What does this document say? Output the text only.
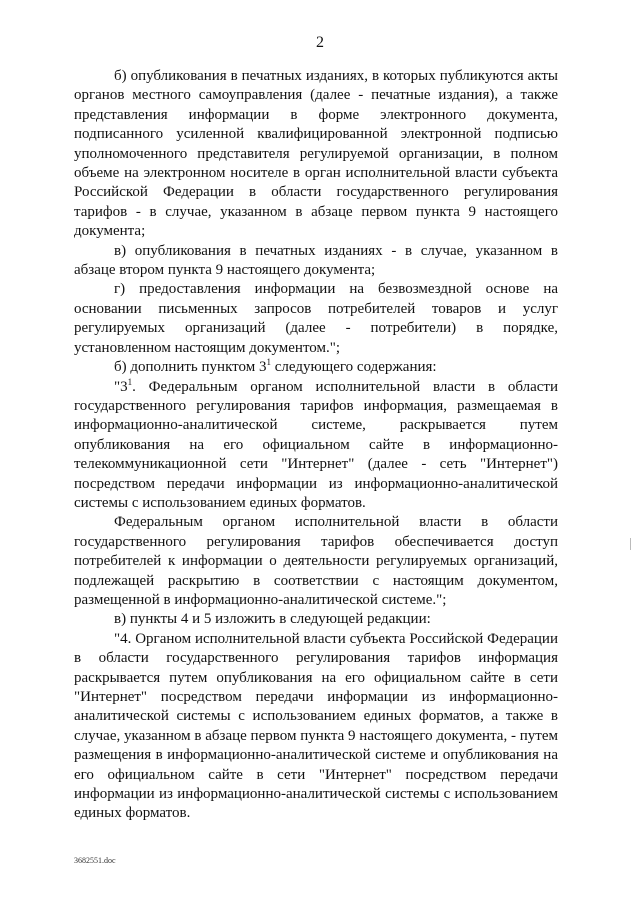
2

б) опубликования в печатных изданиях, в которых публикуются акты органов местного самоуправления (далее - печатные издания), а также представления информации в форме электронного документа, подписанного усиленной квалифицированной электронной подписью уполномоченного представителя регулируемой организации, в полном объеме на электронном носителе в орган исполнительной власти субъекта Российской Федерации в области государственного регулирования тарифов - в случае, указанном в абзаце первом пункта 9 настоящего документа;

в) опубликования в печатных изданиях - в случае, указанном в абзаце втором пункта 9 настоящего документа;

г) предоставления информации на безвозмездной основе на основании письменных запросов потребителей товаров и услуг регулируемых организаций (далее - потребители) в порядке, установленном настоящим документом.";

б) дополнить пунктом $3^1$ следующего содержания:

"$3^1$. Федеральным органом исполнительной власти в области государственного регулирования тарифов информация, размещаемая в информационно-аналитической системе, раскрывается путем опубликования на его официальном сайте в информационно-телекоммуникационной сети "Интернет" (далее - сеть "Интернет") посредством передачи информации из информационно-аналитической системы с использованием единых форматов.

Федеральным органом исполнительной власти в области государственного регулирования тарифов обеспечивается доступ потребителей к информации о деятельности регулируемых организаций, подлежащей раскрытию в соответствии с настоящим документом, размещенной в информационно-аналитической системе.";

в) пункты 4 и 5 изложить в следующей редакции:

"4. Органом исполнительной власти субъекта Российской Федерации в области государственного регулирования тарифов информация раскрывается путем опубликования на его официальном сайте в сети "Интернет" посредством передачи информации из информационно-аналитической системы с использованием единых форматов, а также в случае, указанном в абзаце первом пункта 9 настоящего документа, - путем размещения в информационно-аналитической системе и опубликования на его официальном сайте в сети "Интернет" посредством передачи информации из информационно-аналитической системы с использованием единых форматов.

3682551.doc
